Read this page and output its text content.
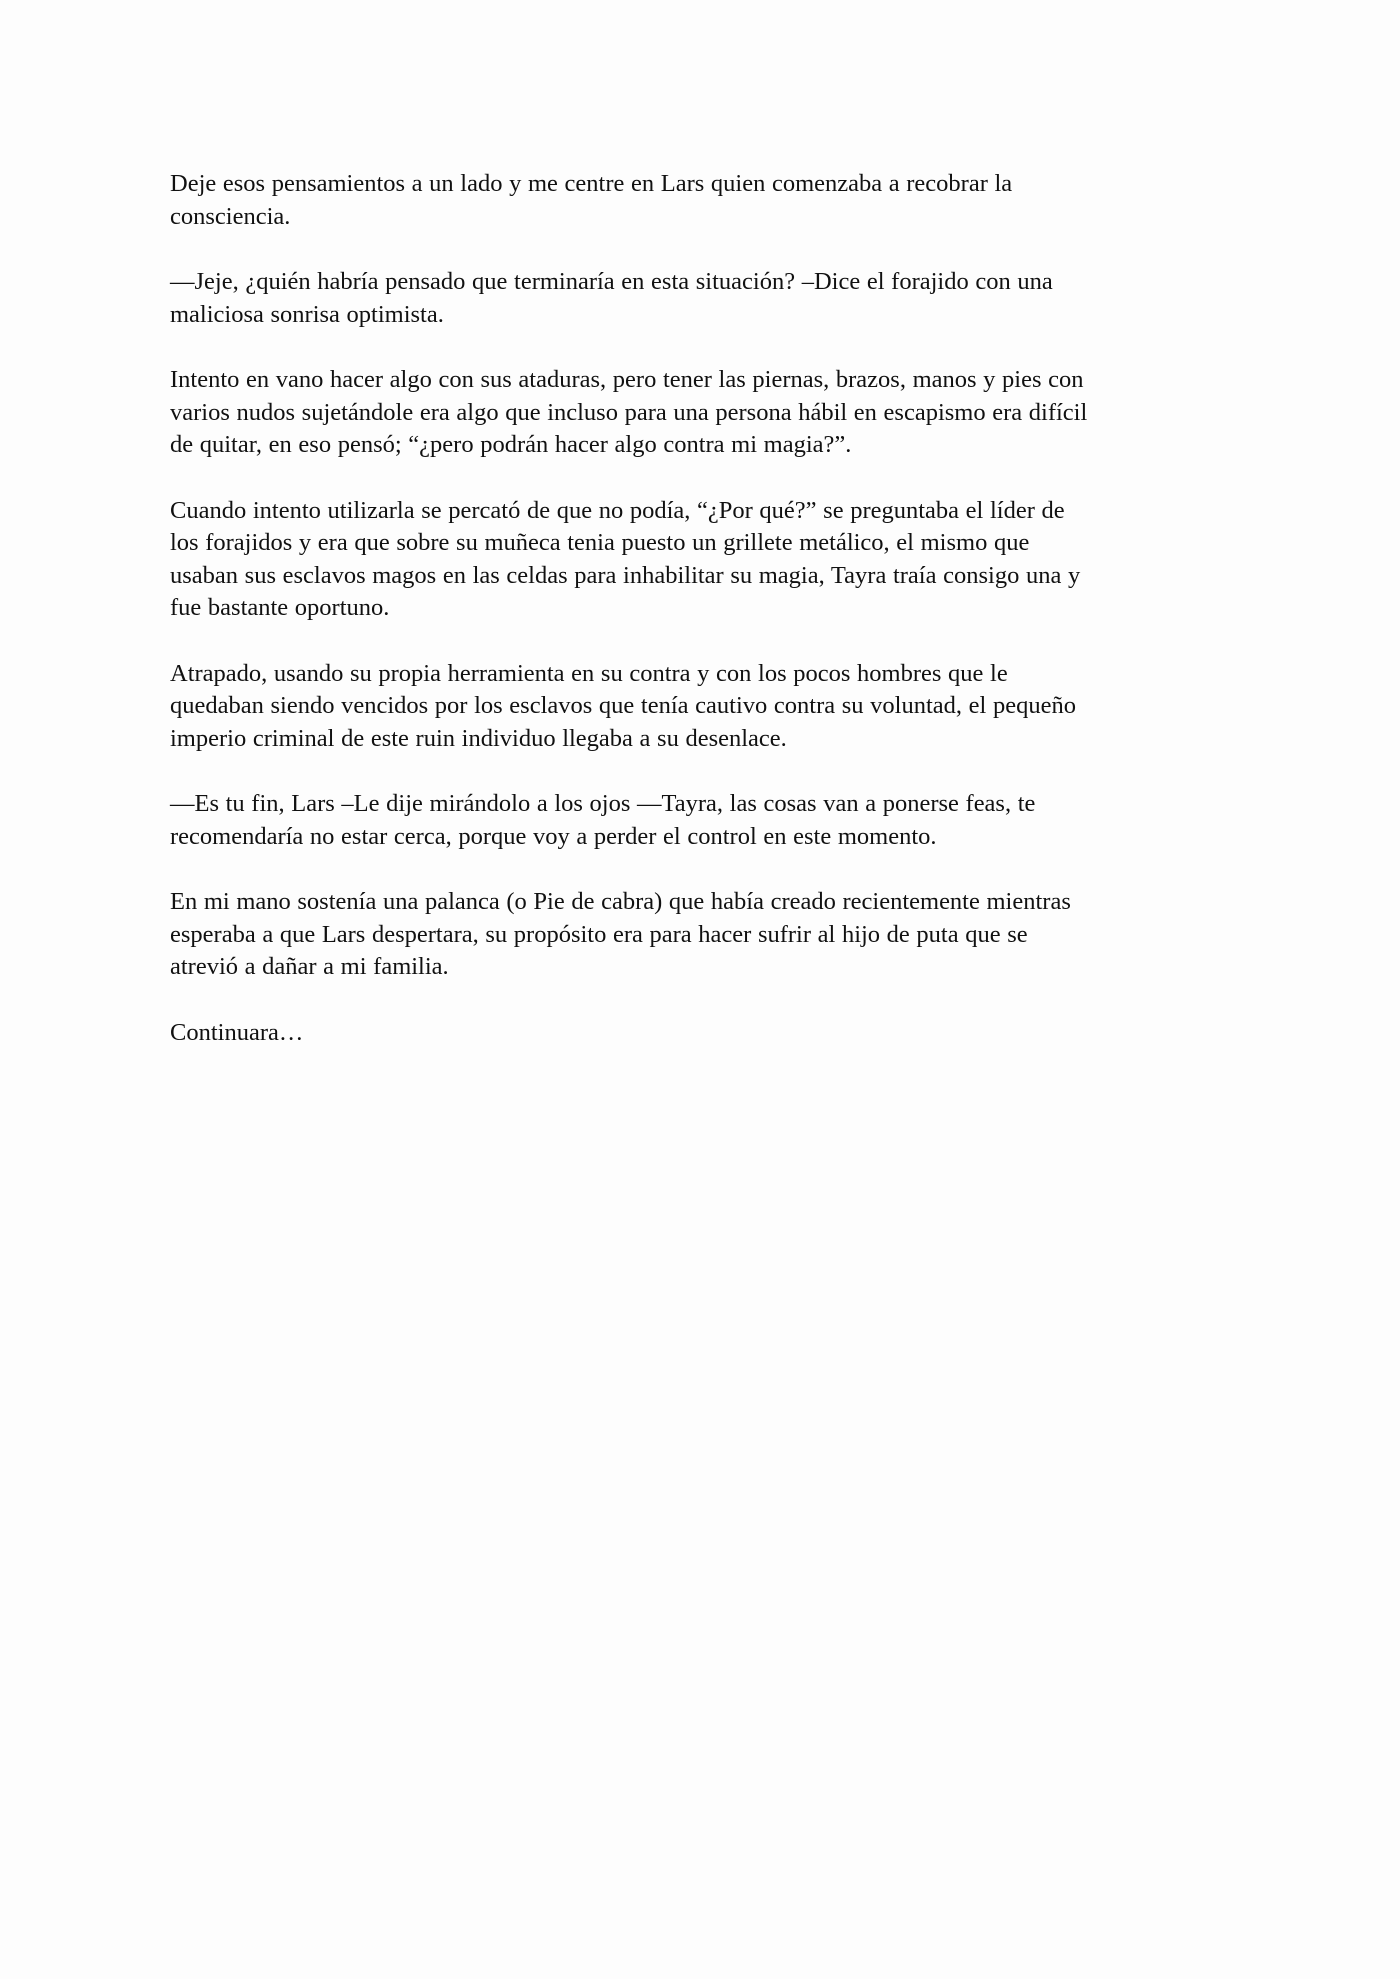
Deje esos pensamientos a un lado y me centre en Lars quien comenzaba a recobrar la
consciencia.

—Jeje, ¿quién habría pensado que terminaría en esta situación? –Dice el forajido con una
maliciosa sonrisa optimista.

Intento en vano hacer algo con sus ataduras, pero tener las piernas, brazos, manos y pies con
varios nudos sujetándole era algo que incluso para una persona hábil en escapismo era difícil
de quitar, en eso pensó; “¿pero podrán hacer algo contra mi magia?”.

Cuando intento utilizarla se percató de que no podía, “¿Por qué?” se preguntaba el líder de
los forajidos y era que sobre su muñeca tenia puesto un grillete metálico, el mismo que
usaban sus esclavos magos en las celdas para inhabilitar su magia, Tayra traía consigo una y
fue bastante oportuno.

Atrapado, usando su propia herramienta en su contra y con los pocos hombres que le
quedaban siendo vencidos por los esclavos que tenía cautivo contra su voluntad, el pequeño
imperio criminal de este ruin individuo llegaba a su desenlace.

—Es tu fin, Lars –Le dije mirándolo a los ojos —Tayra, las cosas van a ponerse feas, te
recomendaría no estar cerca, porque voy a perder el control en este momento.

En mi mano sostenía una palanca (o Pie de cabra) que había creado recientemente mientras
esperaba a que Lars despertara, su propósito era para hacer sufrir al hijo de puta que se
atrevió a dañar a mi familia.

Continuara…
